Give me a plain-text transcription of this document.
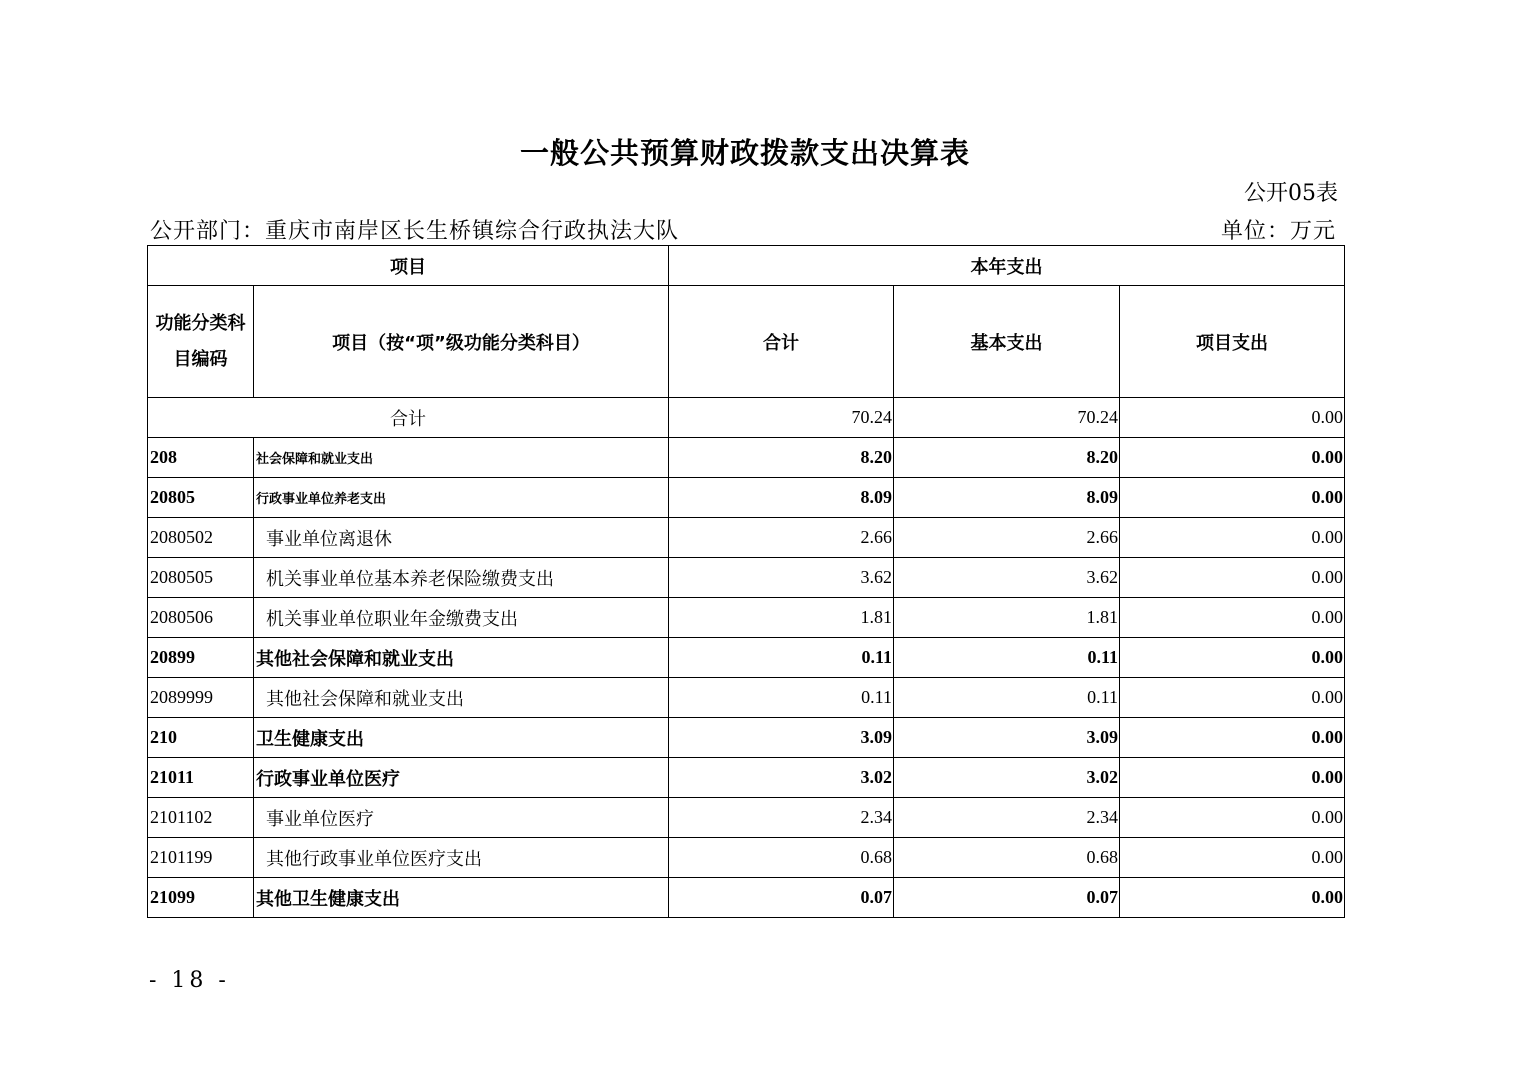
一般公共预算财政拨款支出决算表
公开05表
公开部门：重庆市南岸区长生桥镇综合行政执法大队	单位：万元
项目		本年支出		
功能分类科目编码	项目（按“项”级功能分类科目）	合计	基本支出	项目支出
合计		70.24	70.24	0.00
208	社会保障和就业支出	8.20	8.20	0.00
20805	行政事业单位养老支出	8.09	8.09	0.00
2080502	事业单位离退休	2.66	2.66	0.00
2080505	机关事业单位基本养老保险缴费支出	3.62	3.62	0.00
2080506	机关事业单位职业年金缴费支出	1.81	1.81	0.00
20899	其他社会保障和就业支出	0.11	0.11	0.00
2089999	其他社会保障和就业支出	0.11	0.11	0.00
210	卫生健康支出	3.09	3.09	0.00
21011	行政事业单位医疗	3.02	3.02	0.00
2101102	事业单位医疗	2.34	2.34	0.00
2101199	其他行政事业单位医疗支出	0.68	0.68	0.00
21099	其他卫生健康支出	0.07	0.07	0.00
- 18 -
